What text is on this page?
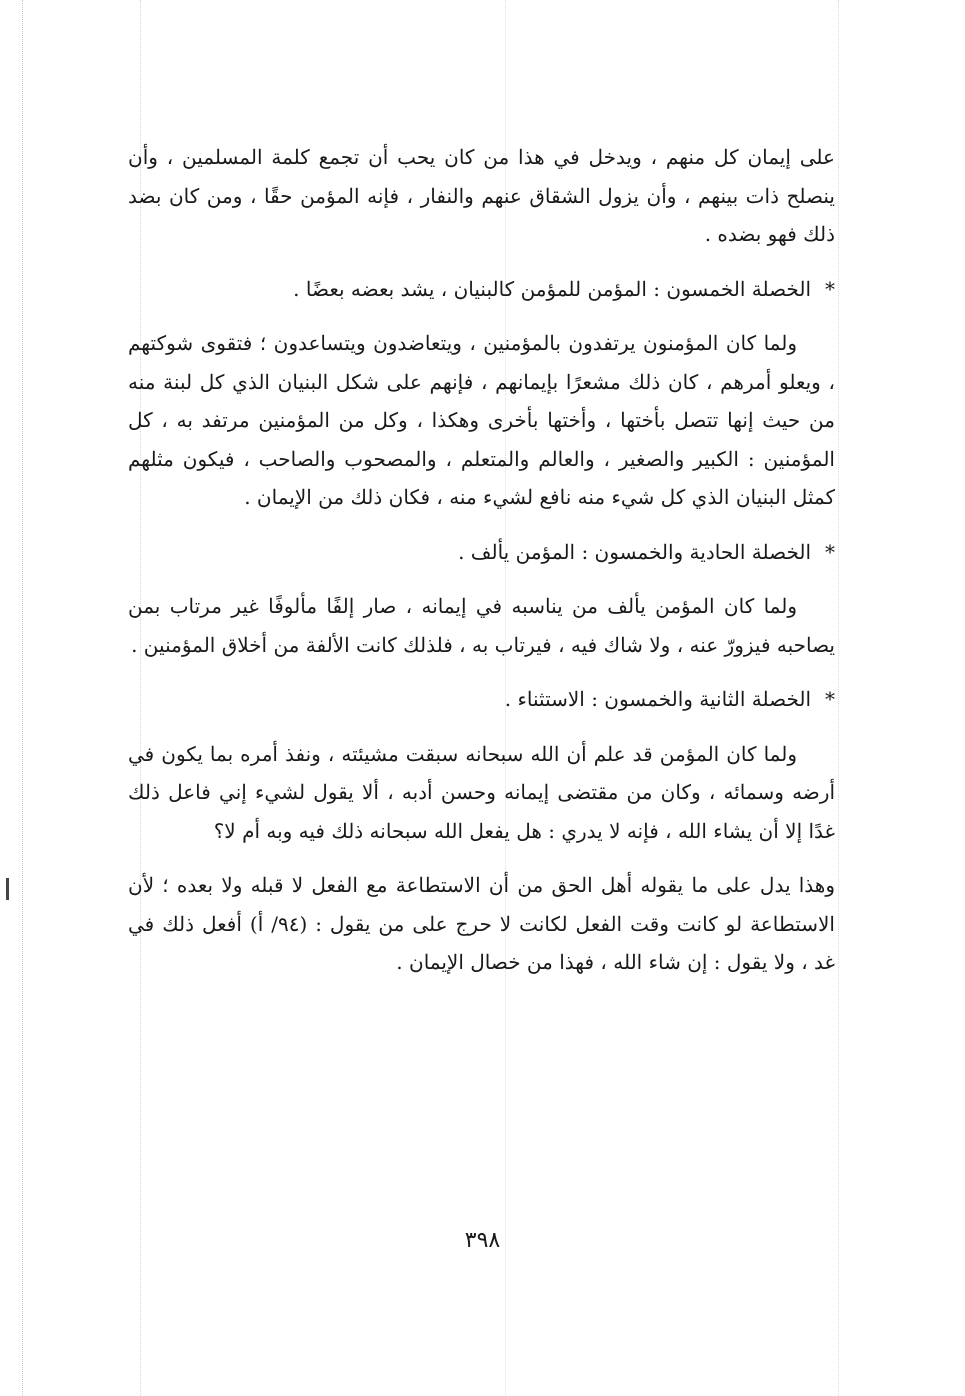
على إيمان كل منهم ، ويدخل في هذا من كان يحب أن تجمع كلمة المسلمين ، وأن ينصلح ذات بينهم ، وأن يزول الشقاق عنهم والنفار ، فإنه المؤمن حقًا ، ومن كان بضد ذلك فهو بضده .

*الخصلة الخمسون : المؤمن للمؤمن كالبنيان ، يشد بعضه بعضًا .

ولما كان المؤمنون يرتفدون بالمؤمنين ، ويتعاضدون ويتساعدون ؛ فتقوى شوكتهم ، ويعلو أمرهم ، كان ذلك مشعرًا بإيمانهم ، فإنهم على شكل البنيان الذي كل لبنة منه من حيث إنها تتصل بأختها ، وأختها بأخرى وهكذا ، وكل من المؤمنين مرتفد به ، كل المؤمنين : الكبير والصغير ، والعالم والمتعلم ، والمصحوب والصاحب ، فيكون مثلهم كمثل البنيان الذي كل شيء منه نافع لشيء منه ، فكان ذلك من الإيمان .

*الخصلة الحادية والخمسون : المؤمن يألف .

ولما كان المؤمن يألف من يناسبه في إيمانه ، صار إلفًا مألوفًا غير مرتاب بمن يصاحبه فيزورّ عنه ، ولا شاك فيه ، فيرتاب به ، فلذلك كانت الألفة من أخلاق المؤمنين .

*الخصلة الثانية والخمسون : الاستثناء .

ولما كان المؤمن قد علم أن الله سبحانه سبقت مشيئته ، ونفذ أمره بما يكون في أرضه وسمائه ، وكان من مقتضى إيمانه وحسن أدبه ، ألا يقول لشيء إني فاعل ذلك غدًا إلا أن يشاء الله ، فإنه لا يدري : هل يفعل الله سبحانه ذلك فيه وبه أم لا؟

وهذا يدل على ما يقوله أهل الحق من أن الاستطاعة مع الفعل لا قبله ولا بعده ؛ لأن الاستطاعة لو كانت وقت الفعل لكانت لا حرج على من يقول : (٩٤/ أ) أفعل ذلك في غد ، ولا يقول : إن شاء الله ، فهذا من خصال الإيمان .

٣٩٨
